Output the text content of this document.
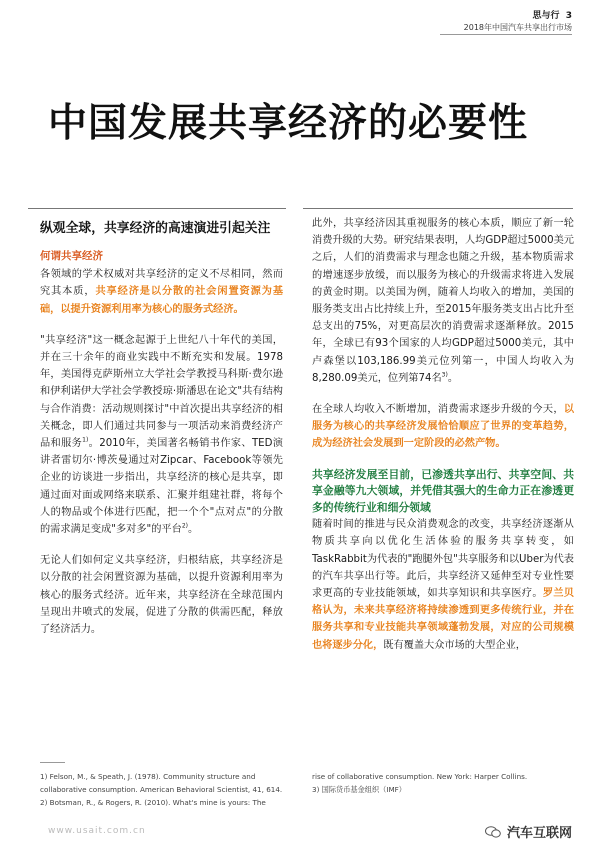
思与行 3
2018年中国汽车共享出行市场
中国发展共享经济的必要性
纵观全球，共享经济的高速演进引起关注
何谓共享经济

各领域的学术权威对共享经济的定义不尽相同，然而究其本质，共享经济是以分散的社会闲置资源为基础，以提升资源利用率为核心的服务式经济。

"共享经济"这一概念起源于上世纪八十年代的美国，并在三十余年的商业实践中不断充实和发展。1978年，美国得克萨斯州立大学社会学教授马科斯·费尔逊和伊利诺伊大学社会学教授琼·斯潘思在论文"共有结构与合作消费：活动规则探讨"中首次提出共享经济的相关概念，即人们通过共同参与一项活动来消费经济产品和服务$^{1)}$。2010年，美国著名畅销书作家、TED演讲者雷切尔·博茨曼通过对Zipcar、Facebook等领先企业的访谈进一步指出，共享经济的核心是共享，即通过面对面或网络来联系、汇聚并组建社群，将每个人的物品或个体进行匹配，把一个个"点对点"的分散的需求满足变成"多对多"的平台$^{2)}$。

无论人们如何定义共享经济，归根结底，共享经济是以分散的社会闲置资源为基础，以提升资源利用率为核心的服务式经济。近年来，共享经济在全球范围内呈现出井喷式的发展，促进了分散的供需匹配，释放了经济活力。

此外，共享经济因其重视服务的核心本质，顺应了新一轮消费升级的大势。研究结果表明，人均GDP超过5000美元之后，人们的消费需求与理念也随之升级，基本物质需求的增速逐步放缓，而以服务为核心的升级需求将进入发展的黄金时期。以美国为例，随着人均收入的增加，美国的服务类支出占比持续上升，至2015年服务类支出占比升至总支出的75%，对更高层次的消费需求逐渐释放。2015年，全球已有93个国家的人均GDP超过5000美元，其中卢森堡以103,186.99美元位列第一，中国人均收入为8,280.09美元，位列第74名$^{3)}$。

在全球人均收入不断增加，消费需求逐步升级的今天，以服务为核心的共享经济发展恰恰顺应了世界的变革趋势，成为经济社会发展到一定阶段的必然产物。

共享经济发展至目前，已渗透共享出行、共享空间、共享金融等九大领域，并凭借其强大的生命力正在渗透更多的传统行业和细分领域

随着时间的推进与民众消费观念的改变，共享经济逐渐从物质共享向以优化生活体验的服务共享转变，如TaskRabbit为代表的"跑腿外包"共享服务和以Uber为代表的汽车共享出行等。此后，共享经济又延伸至对专业性要求更高的专业技能领域，如共享知识和共享医疗。罗兰贝格认为，未来共享经济将持续渗透到更多传统行业，并在服务共享和专业技能共享领域蓬勃发展，对应的公司规模也将逐步分化，既有覆盖大众市场的大型企业，

1) Felson, M., & Speath, J. (1978). Community structure and collaborative consumption. American Behavioral Scientist, 41, 614.
2) Botsman, R., & Rogers, R. (2010). What's mine is yours: The
rise of collaborative consumption. New York: Harper Collins.
3) 国际货币基金组织（IMF）
www.usait.com.cn	汽车互联网
